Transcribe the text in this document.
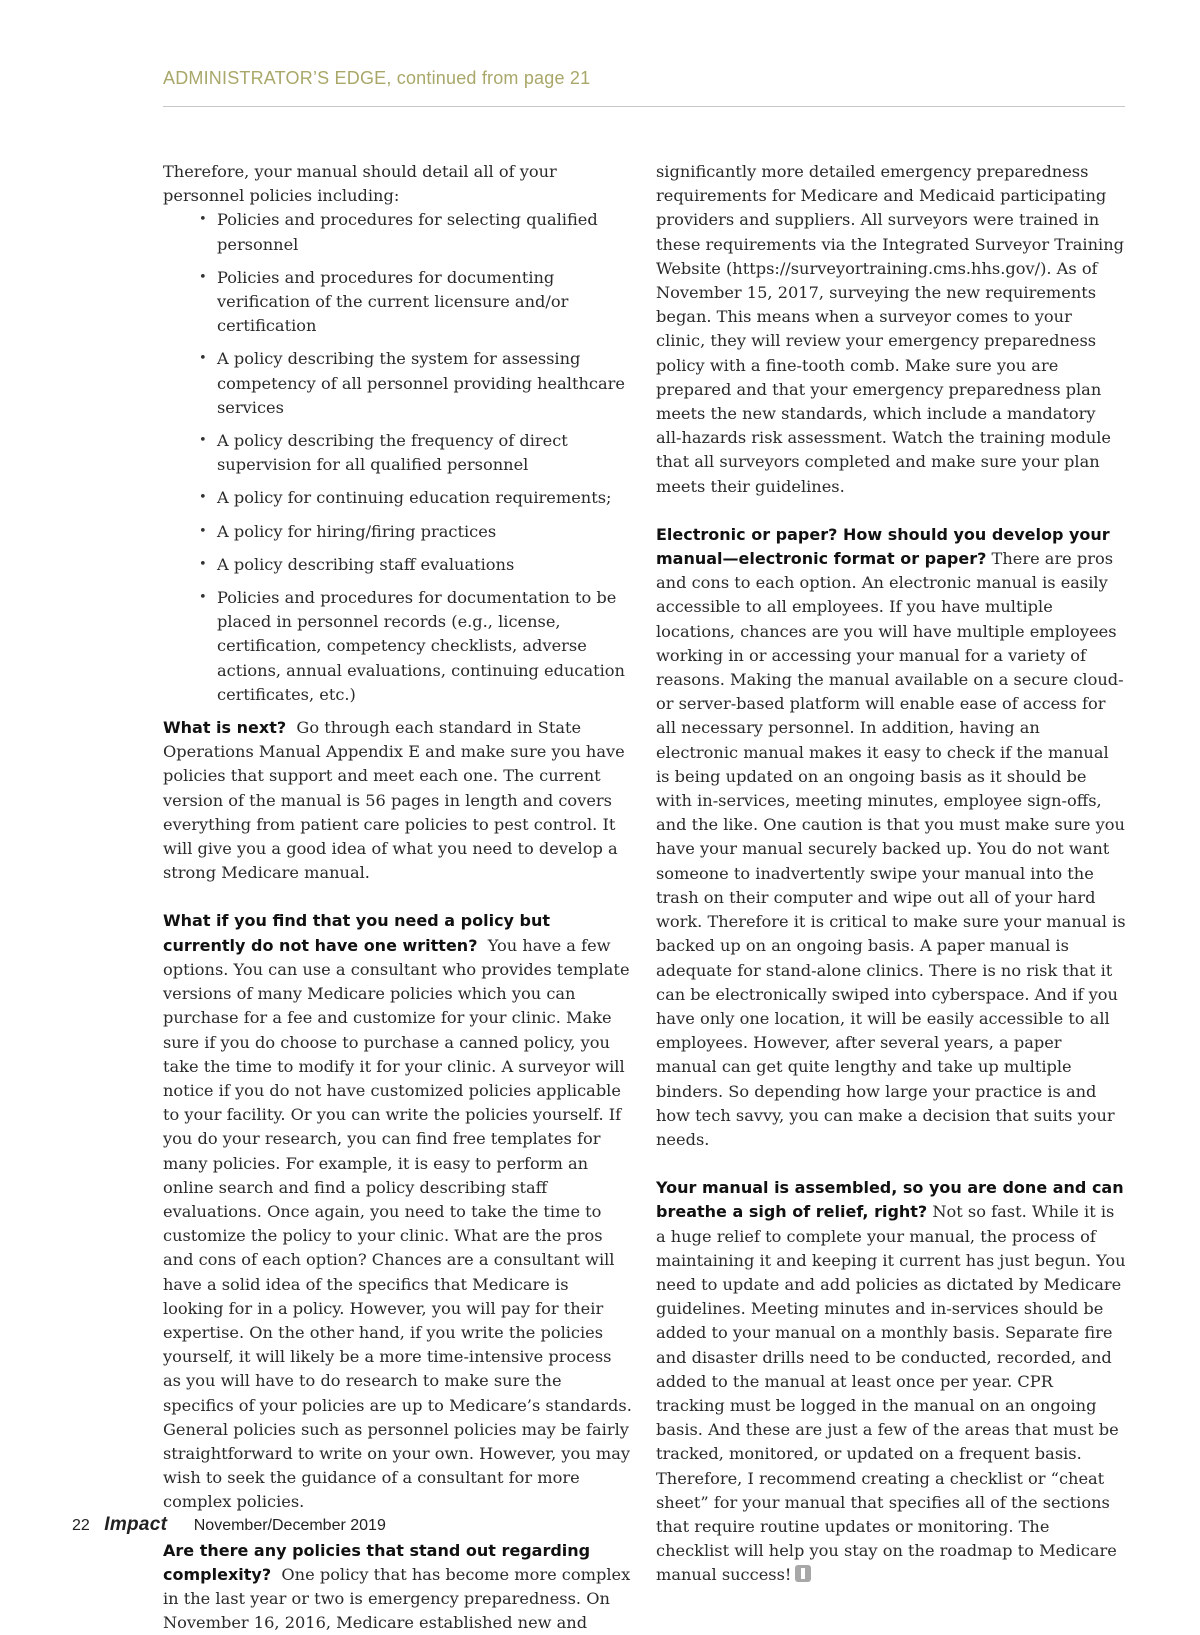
ADMINISTRATOR’S EDGE, continued from page 21

Therefore, your manual should detail all of your personnel policies including:

• Policies and procedures for selecting qualified personnel
• Policies and procedures for documenting verification of the current licensure and/or certification
• A policy describing the system for assessing competency of all personnel providing healthcare services
• A policy describing the frequency of direct supervision for all qualified personnel
• A policy for continuing education requirements;
• A policy for hiring/firing practices
• A policy describing staff evaluations
• Policies and procedures for documentation to be placed in personnel records (e.g., license, certification, competency checklists, adverse actions, annual evaluations, continuing education certificates, etc.)

What is next? Go through each standard in State Operations Manual Appendix E and make sure you have policies that support and meet each one. The current version of the manual is 56 pages in length and covers everything from patient care policies to pest control. It will give you a good idea of what you need to develop a strong Medicare manual.

What if you find that you need a policy but currently do not have one written? You have a few options. You can use a consultant who provides template versions of many Medicare policies which you can purchase for a fee and customize for your clinic. Make sure if you do choose to purchase a canned policy, you take the time to modify it for your clinic. A surveyor will notice if you do not have customized policies applicable to your facility. Or you can write the policies yourself. If you do your research, you can find free templates for many policies. For example, it is easy to perform an online search and find a policy describing staff evaluations. Once again, you need to take the time to customize the policy to your clinic. What are the pros and cons of each option? Chances are a consultant will have a solid idea of the specifics that Medicare is looking for in a policy. However, you will pay for their expertise. On the other hand, if you write the policies yourself, it will likely be a more time-intensive process as you will have to do research to make sure the specifics of your policies are up to Medicare’s standards. General policies such as personnel policies may be fairly straightforward to write on your own. However, you may wish to seek the guidance of a consultant for more complex policies.

Are there any policies that stand out regarding complexity? One policy that has become more complex in the last year or two is emergency preparedness. On November 16, 2016, Medicare established new and

significantly more detailed emergency preparedness requirements for Medicare and Medicaid participating providers and suppliers. All surveyors were trained in these requirements via the Integrated Surveyor Training Website (https://surveyortraining.cms.hhs.gov/). As of November 15, 2017, surveying the new requirements began. This means when a surveyor comes to your clinic, they will review your emergency preparedness policy with a fine-tooth comb. Make sure you are prepared and that your emergency preparedness plan meets the new standards, which include a mandatory all-hazards risk assessment. Watch the training module that all surveyors completed and make sure your plan meets their guidelines.

Electronic or paper? How should you develop your manual—electronic format or paper? There are pros and cons to each option. An electronic manual is easily accessible to all employees. If you have multiple locations, chances are you will have multiple employees working in or accessing your manual for a variety of reasons. Making the manual available on a secure cloud- or server-based platform will enable ease of access for all necessary personnel. In addition, having an electronic manual makes it easy to check if the manual is being updated on an ongoing basis as it should be with in-services, meeting minutes, employee sign-offs, and the like. One caution is that you must make sure you have your manual securely backed up. You do not want someone to inadvertently swipe your manual into the trash on their computer and wipe out all of your hard work. Therefore it is critical to make sure your manual is backed up on an ongoing basis. A paper manual is adequate for stand-alone clinics. There is no risk that it can be electronically swiped into cyberspace. And if you have only one location, it will be easily accessible to all employees. However, after several years, a paper manual can get quite lengthy and take up multiple binders. So depending how large your practice is and how tech savvy, you can make a decision that suits your needs.

Your manual is assembled, so you are done and can breathe a sigh of relief, right? Not so fast. While it is a huge relief to complete your manual, the process of maintaining it and keeping it current has just begun. You need to update and add policies as dictated by Medicare guidelines. Meeting minutes and in-services should be added to your manual on a monthly basis. Separate fire and disaster drills need to be conducted, recorded, and added to the manual at least once per year. CPR tracking must be logged in the manual on an ongoing basis. And these are just a few of the areas that must be tracked, monitored, or updated on a frequent basis. Therefore, I recommend creating a checklist or “cheat sheet” for your manual that specifies all of the sections that require routine updates or monitoring. The checklist will help you stay on the roadmap to Medicare manual success!

22 Impact November/December 2019
